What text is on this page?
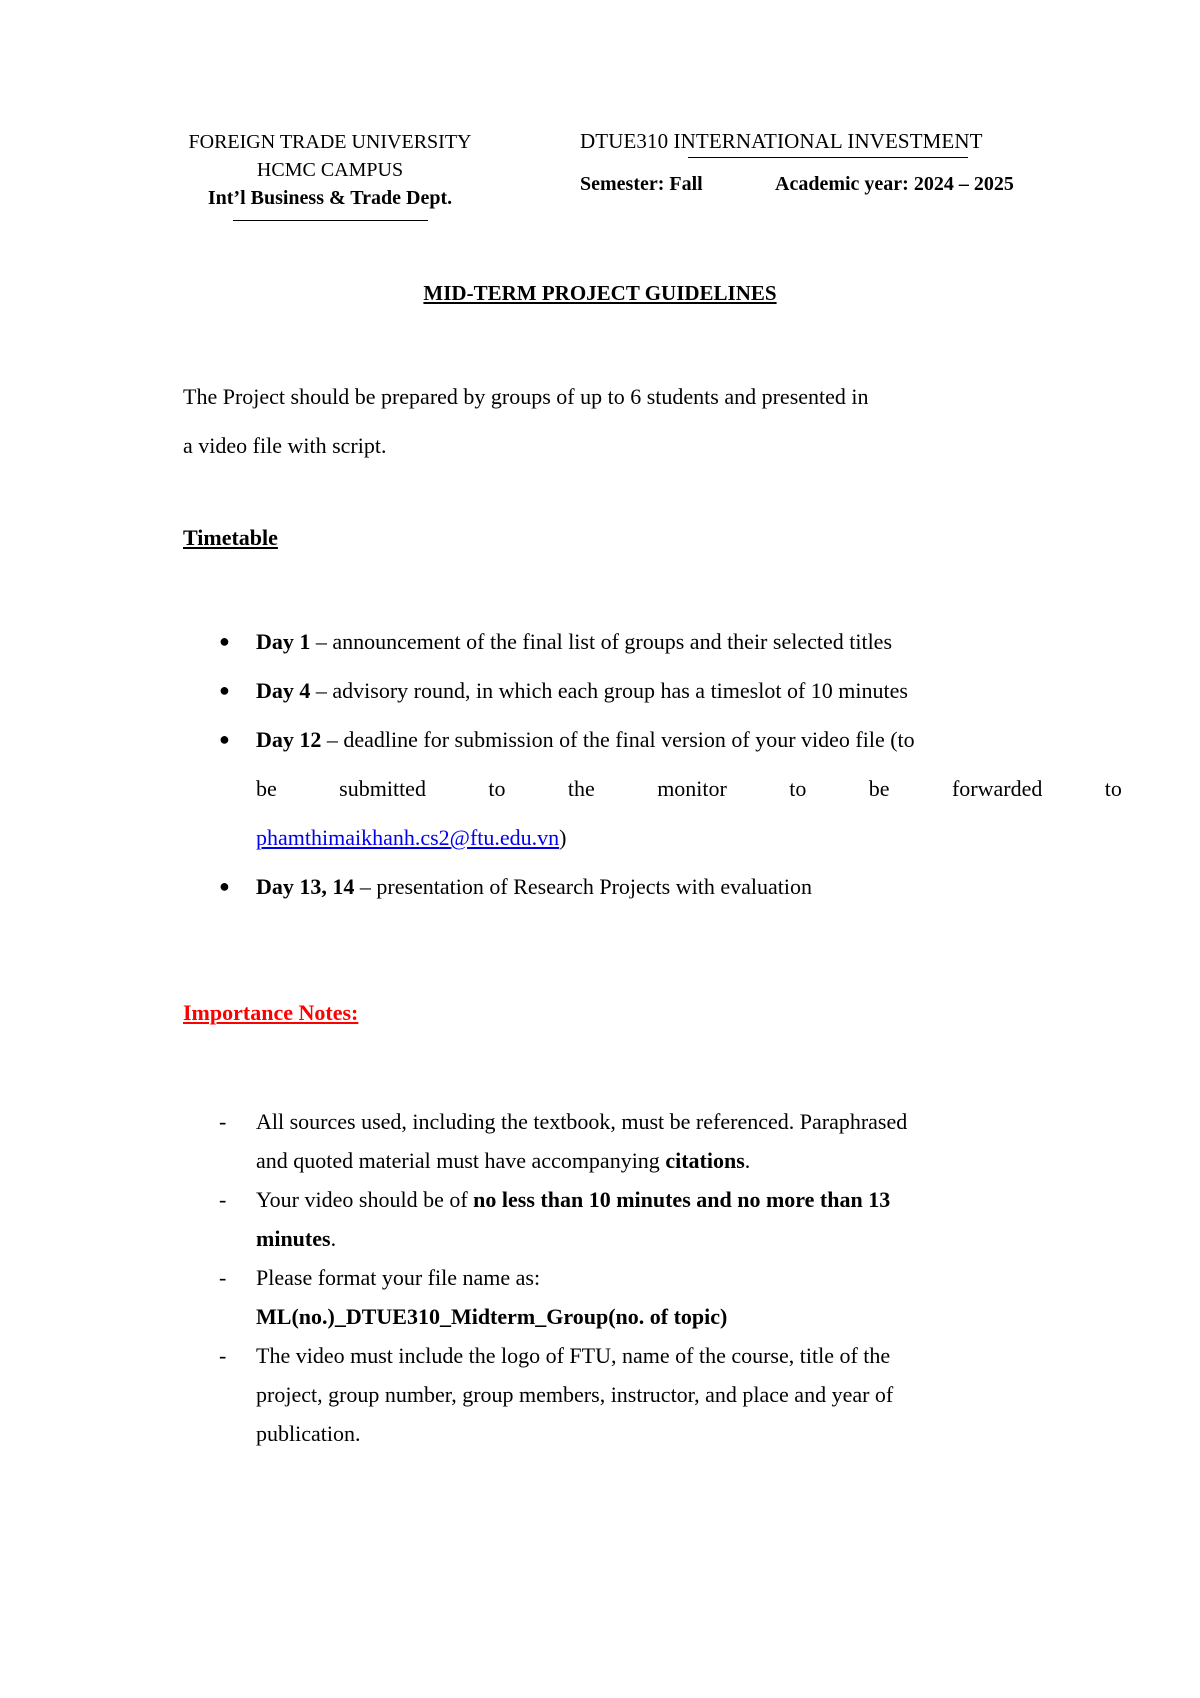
FOREIGN TRADE UNIVERSITY
HCMC CAMPUS
Int’l Business & Trade Dept.
DTUE310 INTERNATIONAL INVESTMENT
Semester: Fall	Academic year: 2024 – 2025
MID-TERM PROJECT GUIDELINES

The Project should be prepared by groups of up to 6 students and presented in

a video file with script.

Timetable
● Day 1 – announcement of the final list of groups and their selected titles
● Day 4 – advisory round, in which each group has a timeslot of 10 minutes
● Day 12 – deadline for submission of the final version of your video file (to
be	submitted	to	the	monitor	to	be	forwarded	to
phamthimaikhanh.cs2@ftu.edu.vn)
● Day 13, 14 – presentation of Research Projects with evaluation
Importance Notes:
- All sources used, including the textbook, must be referenced. Paraphrased
and quoted material must have accompanying citations.
- Your video should be of no less than 10 minutes and no more than 13
minutes.
- Please format your file name as:
ML(no.)_DTUE310_Midterm_Group(no. of topic)
- The video must include the logo of FTU, name of the course, title of the
project, group number, group members, instructor, and place and year of
publication.
